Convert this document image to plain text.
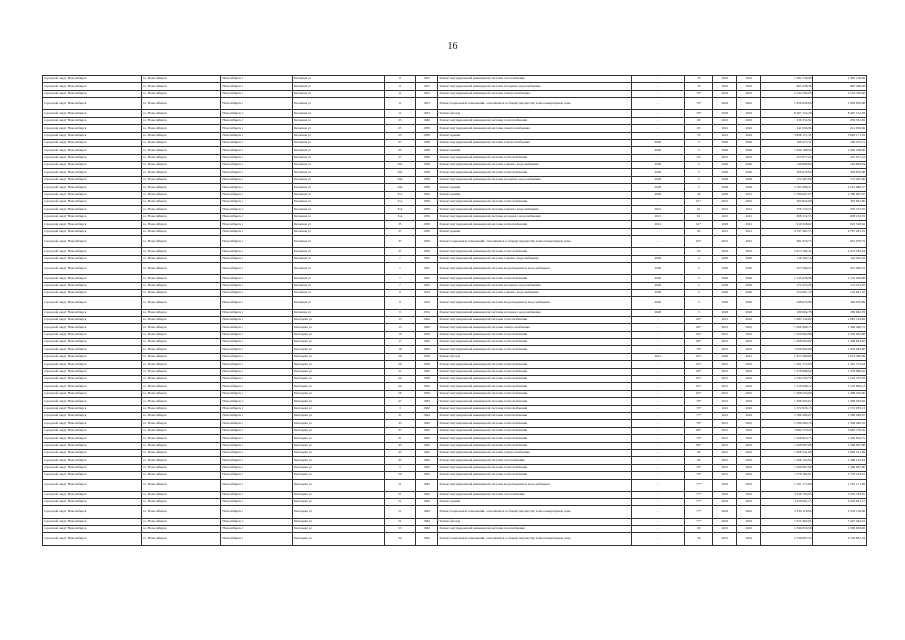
16
городской округ Новосибирск	г.о. Новосибирск	Новосибирск г	Бетонная ул	11	1953	Ремонт внутридомовой инженерной системы газоснабжения	-	70	2022	2022	1 382 136,96	1 382 136,96
городской округ Новосибирск	г.о. Новосибирск	Новосибирск г	Бетонная ул	11	1953	Ремонт внутридомовой инженерной системы холодного водоснабжения	-	70	2022	2022	865 428,38	865 428,38
городской округ Новосибирск	г.о. Новосибирск	Новосибирск г	Бетонная ул	11	1953	Ремонт внутридомовой инженерной системы электроснабжения	-	70*	2022	2022	2 134 760,06	2 134 760,06
городской округ Новосибирск	г.о. Новосибирск	Новосибирск г	Бетонная ул	11	1953	Ремонт подвальных помещений, относящихся к общему имуществу в многоквартирном доме	-	70*	2022	2022	1 859 830,68	1 859 830,68
городской округ Новосибирск	г.о. Новосибирск	Новосибирск г	Бетонная ул	11	1953	Ремонт фасада	-	70*	2020	2022	8 467 154,28	8 467 154,28
городской округ Новосибирск	г.о. Новосибирск	Новосибирск г	Бетонная ул	25	1960	Ремонт внутридомовой инженерной системы теплоснабжения	-	60	2021	2022	236 331,82	236 331,82
городской округ Новосибирск	г.о. Новосибирск	Новосибирск г	Бетонная ул	25	1958	Ремонт внутридомовой инженерной системы электроснабжения	-	63	2021	2022	241 650,96	241 650,96
городской округ Новосибирск	г.о. Новосибирск	Новосибирск г	Бетонная ул	25	1958	Ремонт крыши	-	70	2021	2022	3 828 171,35	3 828 171,35
городской округ Новосибирск	г.о. Новосибирск	Новосибирск г	Бетонная ул	27	1958	Ремонт внутридомовой инженерной системы электроснабжения	2020	5	2020	2020	196 475,31	196 475,31
городской округ Новосибирск	г.о. Новосибирск	Новосибирск г	Бетонная ул	25	1958	Ремонт крыши	2020	5	2020	2020	1 946 168,90	1 946 168,90
городской округ Новосибирск	г.о. Новосибирск	Новосибирск г	Бетонная ул	27	1958	Ремонт внутридомовой инженерной системы теплоснабжения	-	65	2021	2022	255 677,24	255 677,24
городской округ Новосибирск	г.о. Новосибирск	Новосибирск г	Бетонная ул	29а	1958	Ремонт внутридомовой инженерной системы горячего водоснабжения	2020	5	2020	2020	149 809,84	149 809,84
городской округ Новосибирск	г.о. Новосибирск	Новосибирск г	Бетонная ул	29а	1958	Ремонт внутридомовой инженерной системы теплоснабжения	2020	5	2020	2020	309 670,66	309 670,66
городской округ Новосибирск	г.о. Новосибирск	Новосибирск г	Бетонная ул	29в	1958	Ремонт внутридомовой инженерной системы холодного водоснабжения	2020	5	2020	2020	172 467,96	172 467,96
городской округ Новосибирск	г.о. Новосибирск	Новосибирск г	Бетонная ул	29в	1958	Ремонт крыши	2020	5	2020	2020	2 161 686,57	2 161 686,57
городской округ Новосибирск	г.о. Новосибирск	Новосибирск г	Бетонная ул	31а	1959	Ремонт крыши	2020	45	2020	2021	1 780 667,97	1 780 667,97
городской округ Новосибирск	г.о. Новосибирск	Новосибирск г	Бетонная ул	31а	1959	Ремонт внутридомовой инженерной системы теплоснабжения	-	61*	2021	2022	363 822,00	363 822,00
городской округ Новосибирск	г.о. Новосибирск	Новосибирск г	Бетонная ул	31в	1959	Ремонт внутридомовой инженерной системы горячего водоснабжения	2021	61	2021	2021	376 723,55	376 723,55
городской округ Новосибирск	г.о. Новосибирск	Новосибирск г	Бетонная ул	31в	1959	Ремонт внутридомовой инженерной системы холодного водоснабжения	2021	61	2021	2021	608 132,55	608 132,55
городской округ Новосибирск	г.о. Новосибирск	Новосибирск г	Бетонная ул	35	1959	Ремонт внутридомовой инженерной системы теплоснабжения	2021	61*	2020	2021	910 328,62	910 328,62
городской округ Новосибирск	г.о. Новосибирск	Новосибирск г	Бетонная ул	37	1959	Ремонт крыши	-	63	2021	2021	4 797 281,55	4 797 281,55
городской округ Новосибирск	г.о. Новосибирск	Новосибирск г	Бетонная ул	37	1959	Ремонт подвальных помещений, относящихся к общему имуществу в многоквартирном доме	-	64*	2021	2021	691 076,75	691 076,75
городской округ Новосибирск	г.о. Новосибирск	Новосибирск г	Бетонная ул	37	1959	Ремонт внутридомовой инженерной системы теплоснабжения	-	63	2022	2022	2 473 182,44	2 473 182,44
городской округ Новосибирск	г.о. Новосибирск	Новосибирск г	Бетонная ул	7	1952	Ремонт внутридомовой инженерной системы горячего водоснабжения	2020	5	2020	2020	116 302,16	116 302,16
городской округ Новосибирск	г.о. Новосибирск	Новосибирск г	Бетонная ул	7	1952	Ремонт внутридомовой инженерной системы водоотведения и водоснабжения	2020	5	2020	2020	327 090,25	327 090,25
городской округ Новосибирск	г.о. Новосибирск	Новосибирск г	Бетонная ул	7	1952	Ремонт внутридомовой инженерной системы теплоснабжения	2020	5	2020	2020	1 135 628,98	1 135 628,98
городской округ Новосибирск	г.о. Новосибирск	Новосибирск г	Бетонная ул	7	1952	Ремонт внутридомовой инженерной системы холодного водоснабжения	2020	5	2020	2020	172 474,26	172 474,26
городской округ Новосибирск	г.о. Новосибирск	Новосибирск г	Бетонная ул	9	1954	Ремонт внутридомовой инженерной системы горячего водоснабжения	2020	5	2020	2020	154 661,10	154 661,10
городской округ Новосибирск	г.о. Новосибирск	Новосибирск г	Бетонная ул	9	1954	Ремонт внутридомовой инженерной системы водоотведения и водоснабжения	2020	5	2020	2020	348 670,89	348 670,89
городской округ Новосибирск	г.о. Новосибирск	Новосибирск г	Бетонная ул	9	1954	Ремонт внутридомовой инженерной системы холодного водоснабжения	2020	5	2020	2020	189 662,78	189 662,78
городской округ Новосибирск	г.о. Новосибирск	Новосибирск г	Бехтерева ул	13	1962	Ремонт внутридомовой инженерной системы теплоснабжения	-	60*	2021	2022	1 683 134,82	1 683 134,82
городской округ Новосибирск	г.о. Новосибирск	Новосибирск г	Бехтерева ул	13	1962	Ремонт внутридомовой инженерной системы электроснабжения	-	60*	2021	2022	1 360 496,75	1 360 496,75
городской округ Новосибирск	г.о. Новосибирск	Новосибирск г	Бехтерева ул	16	1959	Ремонт внутридомовой инженерной системы теплоснабжения	-	64*	2021	2022	1 359 962,88	1 359 962,88
городской округ Новосибирск	г.о. Новосибирск	Новосибирск г	Бехтерева ул	17	1962	Ремонт внутридомовой инженерной системы теплоснабжения	-	60*	2021	2022	1 308 903,82	1 308 903,82
городской округ Новосибирск	г.о. Новосибирск	Новосибирск г	Бехтерева ул	19	1963	Ремонт внутридомовой инженерной системы теплоснабжения	-	79*	2021	2022	1 056 964,60	1 056 964,60
городской округ Новосибирск	г.о. Новосибирск	Новосибирск г	Бехтерева ул	20	1956	Ремонт фасада	2021	64*	2020	2021	1 673 360,69	1 673 360,69
городской округ Новосибирск	г.о. Новосибирск	Новосибирск г	Бехтерева ул	20	1959	Ремонт внутридомовой инженерной системы теплоснабжения	-	64*	2021	2022	1 361 772,63	1 361 772,63
городской округ Новосибирск	г.о. Новосибирск	Новосибирск г	Бехтерева ул	21	1962	Ремонт внутридомовой инженерной системы теплоснабжения	-	60*	2021	2022	1 378 886,92	1 378 886,92
городской округ Новосибирск	г.о. Новосибирск	Новосибирск г	Бехтерева ул	22	1958	Ремонт внутридомовой инженерной системы теплоснабжения	-	64*	2021	2022	1 544 333,70	1 544 333,70
городской округ Новосибирск	г.о. Новосибирск	Новосибирск г	Бехтерева ул	24	1959	Ремонт внутридомовой инженерной системы теплоснабжения	-	64*	2021	2022	1 519 908,12	1 519 908,12
городской округ Новосибирск	г.о. Новосибирск	Новосибирск г	Бехтерева ул	26	1959	Ремонт внутридомовой инженерной системы теплоснабжения	-	64*	2021	2022	1 308 550,90	1 308 550,90
городской округ Новосибирск	г.о. Новосибирск	Новосибирск г	Бехтерева ул	27	1963	Ремонт внутридомовой инженерной системы теплоснабжения	-	79*	2021	2022	1 398 263,62	1 398 263,62
городской округ Новосибирск	г.о. Новосибирск	Новосибирск г	Бехтерева ул	3	1962	Ремонт внутридомовой инженерной системы теплоснабжения	-	70*	2021	2022	1 572 935,13	1 572 935,13
городской округ Новосибирск	г.о. Новосибирск	Новосибирск г	Бехтерева ул	31	1964	Ремонт внутридомовой инженерной системы теплоснабжения	-	77*	2021	2022	1 586 289,67	1 586 289,67
городской округ Новосибирск	г.о. Новосибирск	Новосибирск г	Бехтерева ул	35	1963	Ремонт внутридомовой инженерной системы теплоснабжения	-	79*	2021	2022	1 599 469,76	1 599 469,76
городской округ Новосибирск	г.о. Новосибирск	Новосибирск г	Бехтерева ул	37	1962	Ремонт внутридомовой инженерной системы теплоснабжения	-	80*	2021	2022	3 982 770,26	3 982 770,26
городской округ Новосибирск	г.о. Новосибирск	Новосибирск г	Бехтерева ул	41	1963	Ремонт внутридомовой инженерной системы теплоснабжения	-	79*	2021	2022	1 356 816,75	1 356 816,75
городской округ Новосибирск	г.о. Новосибирск	Новосибирск г	Бехтерева ул	43	1962	Ремонт внутридомовой инженерной системы теплоснабжения	-	80*	2021	2022	1 568 997,88	1 568 997,88
городской округ Новосибирск	г.о. Новосибирск	Новосибирск г	Бехтерева ул	45	1962	Ремонт внутридомовой инженерной системы электроснабжения	-	60	2021	2022	1 608 541,69	1 608 541,69
городской округ Новосибирск	г.о. Новосибирск	Новосибирск г	Бехтерева ул	45	1962	Ремонт внутридомовой инженерной системы газоснабжения	-	60	2021	2022	1 368 122,94	1 368 122,94
городской округ Новосибирск	г.о. Новосибирск	Новосибирск г	Бехтерева ул	5	1963	Ремонт внутридомовой инженерной системы теплоснабжения	-	79*	2021	2022	1 369 967,80	1 369 967,80
городской округ Новосибирск	г.о. Новосибирск	Новосибирск г	Бехтерева ул	50	1963	Ремонт внутридомовой инженерной системы теплоснабжения	-	79*	2021	2022	1 578 164,01	1 578 164,01
городской округ Новосибирск	г.о. Новосибирск	Новосибирск г	Бехтерева ул	51	1964	Ремонт внутридомовой инженерной системы водоотведения и водоснабжения	-	77*	2022	2022	1 761 171,06	1 761 171,06
городской округ Новосибирск	г.о. Новосибирск	Новосибирск г	Бехтерева ул	51	1964	Ремонт внутридомовой инженерной системы газоснабжения	-	77*	2022	2022	3 316 763,95	3 316 763,95
городской округ Новосибирск	г.о. Новосибирск	Новосибирск г	Бехтерева ул	51	1964	Ремонт крыши	-	77*	2022	2022	4 229 061,15	4 229 061,15
городской округ Новосибирск	г.о. Новосибирск	Новосибирск г	Бехтерева ул	51	1964	Ремонт подвальных помещений, относящихся к общему имуществу в многоквартирном доме	-	77*	2022	2022	2 230 118,96	2 230 118,96
городской округ Новосибирск	г.о. Новосибирск	Новосибирск г	Бехтерева ул	51	1964	Ремонт фасада	-	77*	2022	2022	7 225 462,91	7 225 462,91
городской округ Новосибирск	г.о. Новосибирск	Новосибирск г	Бехтерева ул	53	1962	Ремонт внутридомовой инженерной системы газоснабжения	-	60	2021	2022	1 599 659,96	1 599 659,96
городской округ Новосибирск	г.о. Новосибирск	Новосибирск г	Бехтерева ул	54	1962	Ремонт подвальных помещений, относящихся к общему имуществу в многоквартирном доме	-	56	2021	2022	2 158 687,54	2 158 687,54
